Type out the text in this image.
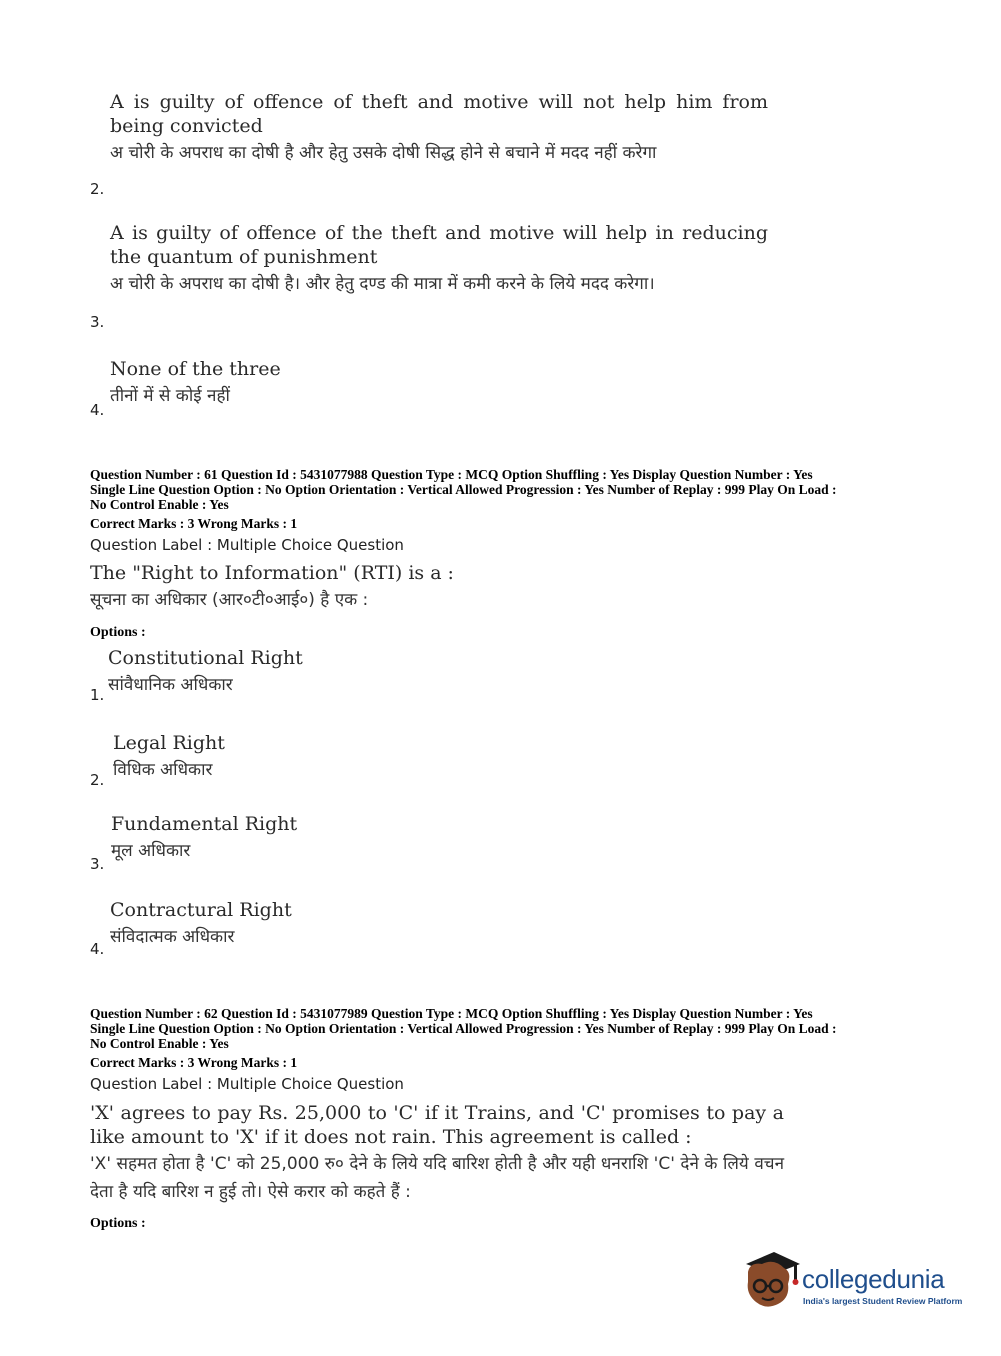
A is guilty of offence of theft and motive will not help him from being convicted
अ चोरी के अपराध का दोषी है और हेतु उसके दोषी सिद्ध होने से बचाने में मदद नहीं करेगा
2.
A is guilty of offence of the theft and motive will help in reducing the quantum of punishment
अ चोरी के अपराध का दोषी है। और हेतु दण्ड की मात्रा में कमी करने के लिये मदद करेगा।
3.
None of the three
तीनों में से कोई नहीं
4.
Question Number : 61 Question Id : 5431077988 Question Type : MCQ Option Shuffling : Yes Display Question Number : Yes
Single Line Question Option : No Option Orientation : Vertical Allowed Progression : Yes Number of Replay : 999 Play On Load :
No Control Enable : Yes
Correct Marks : 3 Wrong Marks : 1
Question Label : Multiple Choice Question
The "Right to Information" (RTI) is a :
सूचना का अधिकार (आर०टी०आई०) है एक :
Options :
Constitutional Right
सांवैधानिक अधिकार
1.
Legal Right
विधिक अधिकार
2.
Fundamental Right
मूल अधिकार
3.
Contractural Right
संविदात्मक अधिकार
4.
Question Number : 62 Question Id : 5431077989 Question Type : MCQ Option Shuffling : Yes Display Question Number : Yes
Single Line Question Option : No Option Orientation : Vertical Allowed Progression : Yes Number of Replay : 999 Play On Load :
No Control Enable : Yes
Correct Marks : 3 Wrong Marks : 1
Question Label : Multiple Choice Question
'X' agrees to pay Rs. 25,000 to 'C' if it Trains, and 'C' promises to pay a like amount to 'X' if it does not rain. This agreement is called :
'X' सहमत होता है 'C' को 25,000 रु० देने के लिये यदि बारिश होती है और यही धनराशि 'C' देने के लिये वचन देता है यदि बारिश न हुई तो। ऐसे करार को कहते हैं :
Options :
collegedunia
India's largest Student Review Platform
